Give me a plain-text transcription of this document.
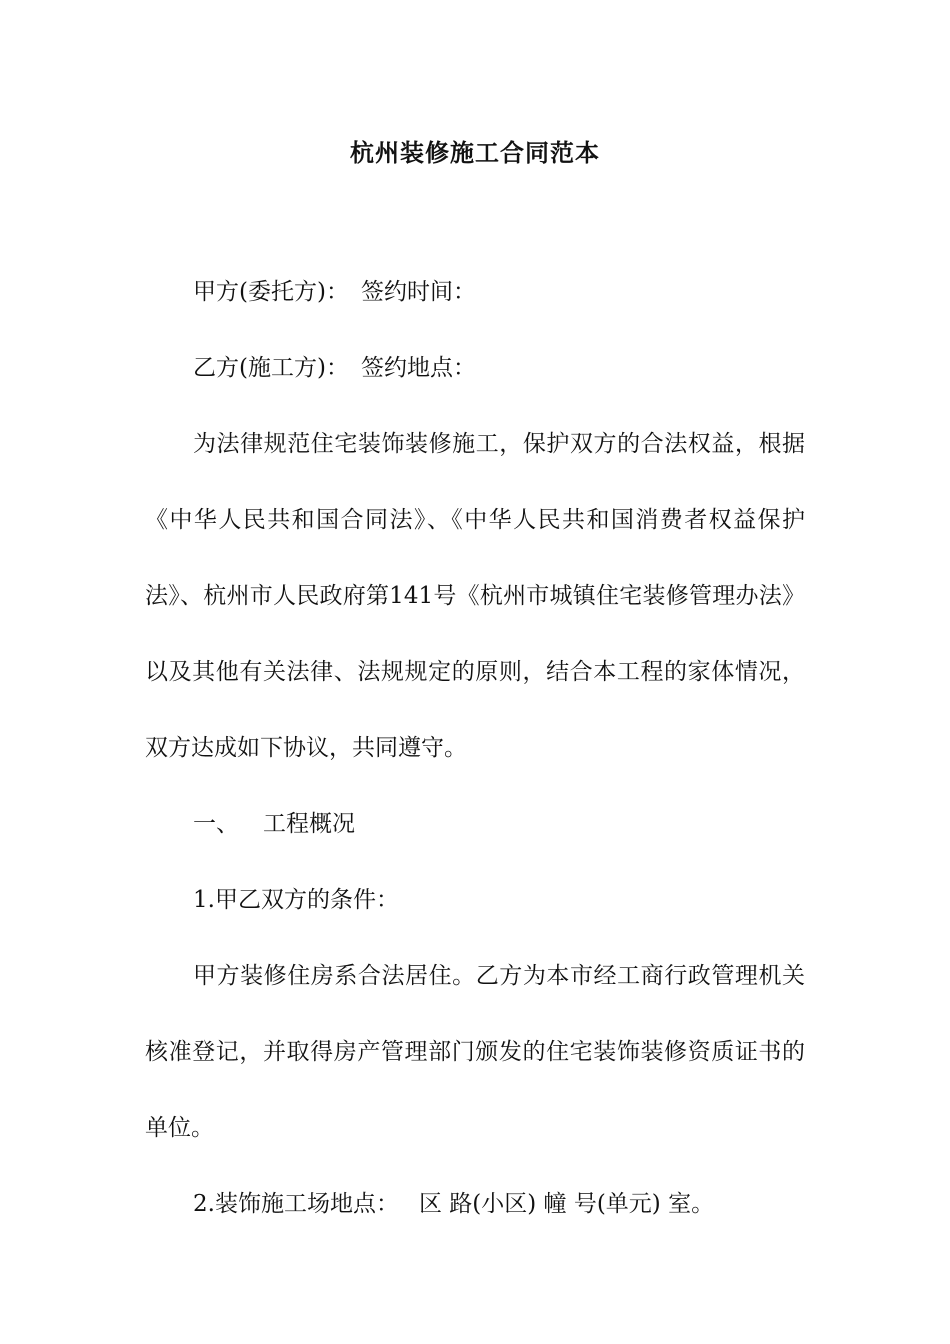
杭州装修施工合同范本

甲方(委托方)： 签约时间：

乙方(施工方)： 签约地点：

为法律规范住宅装饰装修施工，保护双方的合法权益，根据《中华人民共和国合同法》、《中华人民共和国消费者权益保护法》、杭州市人民政府第141号《杭州市城镇住宅装修管理办法》以及其他有关法律、法规规定的原则，结合本工程的家体情况，双方达成如下协议，共同遵守。

一、 工程概况

1.甲乙双方的条件：

甲方装修住房系合法居住。乙方为本市经工商行政管理机关核准登记，并取得房产管理部门颁发的住宅装饰装修资质证书的单位。

2.装饰施工场地点： 区 路(小区) 幢 号(单元) 室。
